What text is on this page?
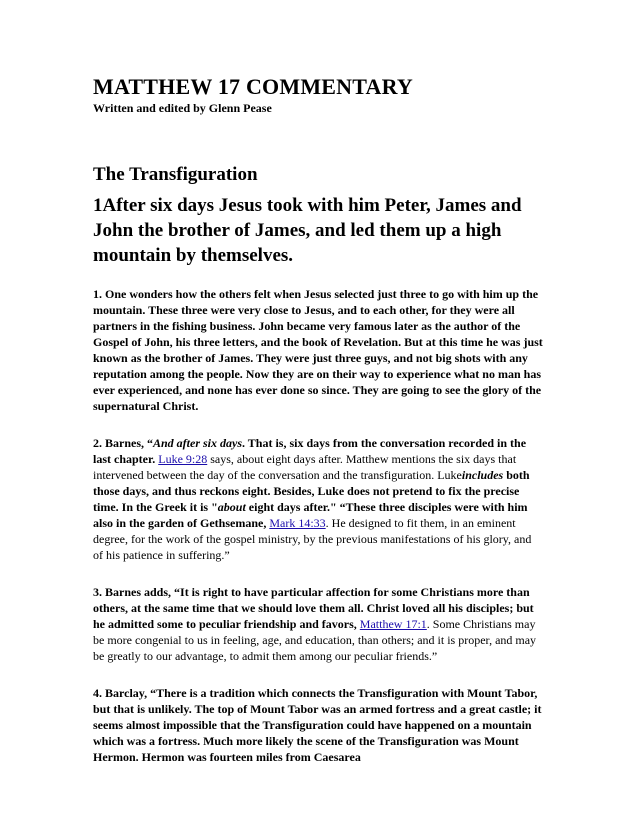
MATTHEW 17 COMMENTARY

Written and edited by Glenn Pease

The Transfiguration

1After six days Jesus took with him Peter, James and John the brother of James, and led them up a high mountain by themselves.

1. One wonders how the others felt when Jesus selected just three to go with him up the mountain. These three were very close to Jesus, and to each other, for they were all partners in the fishing business. John became very famous later as the author of the Gospel of John, his three letters, and the book of Revelation. But at this time he was just known as the brother of James. They were just three guys, and not big shots with any reputation among the people. Now they are on their way to experience what no man has ever experienced, and none has ever done so since. They are going to see the glory of the supernatural Christ.

2. Barnes, “And after six days. That is, six days from the conversation recorded in the last chapter. Luke 9:28 says, about eight days after. Matthew mentions the six days that intervened between the day of the conversation and the transfiguration. Lukeincludes both those days, and thus reckons eight. Besides, Luke does not pretend to fix the precise time. In the Greek it is "about eight days after." “These three disciples were with him also in the garden of Gethsemane, Mark 14:33. He designed to fit them, in an eminent degree, for the work of the gospel ministry, by the previous manifestations of his glory, and of his patience in suffering.”

3. Barnes adds, “It is right to have particular affection for some Christians more than others, at the same time that we should love them all. Christ loved all his disciples; but he admitted some to peculiar friendship and favors, Matthew 17:1. Some Christians may be more congenial to us in feeling, age, and education, than others; and it is proper, and may be greatly to our advantage, to admit them among our peculiar friends.”

4. Barclay, “There is a tradition which connects the Transfiguration with Mount Tabor, but that is unlikely. The top of Mount Tabor was an armed fortress and a great castle; it seems almost impossible that the Transfiguration could have happened on a mountain which was a fortress. Much more likely the scene of the Transfiguration was Mount Hermon. Hermon was fourteen miles from Caesarea
